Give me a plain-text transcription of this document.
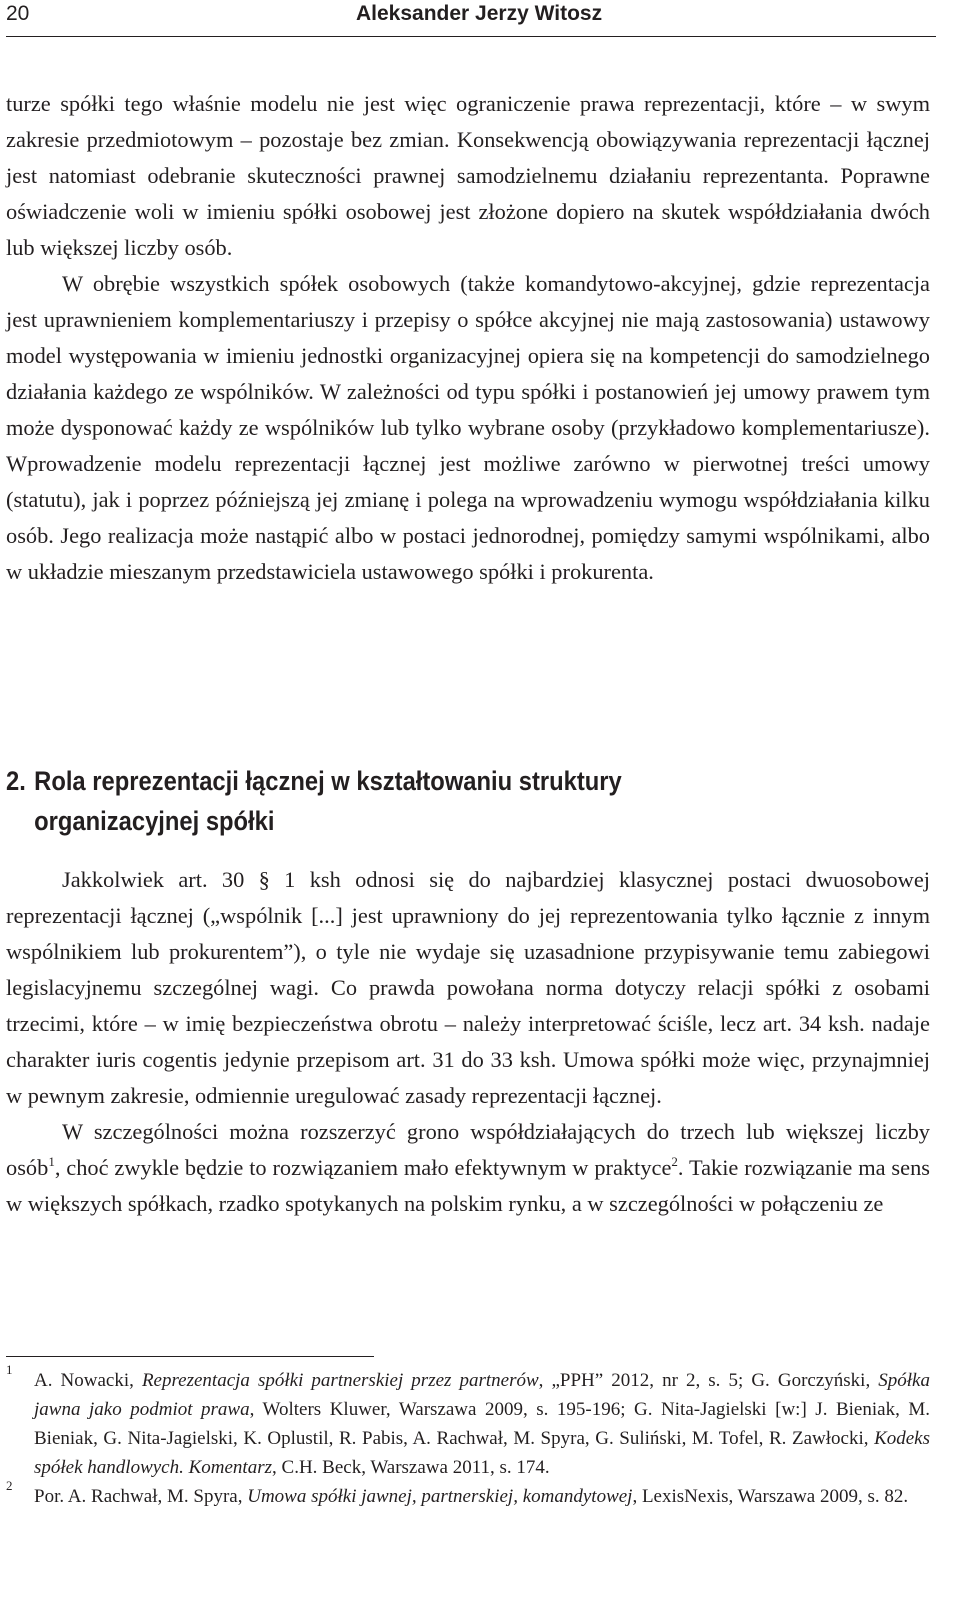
20	Aleksander Jerzy Witosz

turze spółki tego właśnie modelu nie jest więc ograniczenie prawa reprezentacji, które – w swym zakresie przedmiotowym – pozostaje bez zmian. Konsekwencją obowiązywania reprezentacji łącznej jest natomiast odebranie skuteczności prawnej samodzielnemu działaniu reprezentanta. Poprawne oświadczenie woli w imieniu spółki osobowej jest złożone dopiero na skutek współdziałania dwóch lub większej liczby osób.

W obrębie wszystkich spółek osobowych (także komandytowo-akcyjnej, gdzie reprezentacja jest uprawnieniem komplementariuszy i przepisy o spółce akcyjnej nie mają zastosowania) ustawowy model występowania w imieniu jednostki organizacyjnej opiera się na kompetencji do samodzielnego działania każdego ze wspólników. W zależności od typu spółki i postanowień jej umowy prawem tym może dysponować każdy ze wspólników lub tylko wybrane osoby (przykładowo komplementariusze). Wprowadzenie modelu reprezentacji łącznej jest możliwe zarówno w pierwotnej treści umowy (statutu), jak i poprzez późniejszą jej zmianę i polega na wprowadzeniu wymogu współdziałania kilku osób. Jego realizacja może nastąpić albo w postaci jednorodnej, pomiędzy samymi wspólnikami, albo w układzie mieszanym przedstawiciela ustawowego spółki i prokurenta.

2. Rola reprezentacji łącznej w kształtowaniu struktury
organizacyjnej spółki

Jakkolwiek art. 30 § 1 ksh odnosi się do najbardziej klasycznej postaci dwuosobowej reprezentacji łącznej („wspólnik [...] jest uprawniony do jej reprezentowania tylko łącznie z innym wspólnikiem lub prokurentem”), o tyle nie wydaje się uzasadnione przypisywanie temu zabiegowi legislacyjnemu szczególnej wagi. Co prawda powołana norma dotyczy relacji spółki z osobami trzecimi, które – w imię bezpieczeństwa obrotu – należy interpretować ściśle, lecz art. 34 ksh. nadaje charakter iuris cogentis jedynie przepisom art. 31 do 33 ksh. Umowa spółki może więc, przynajmniej w pewnym zakresie, odmiennie uregulować zasady reprezentacji łącznej.

W szczególności można rozszerzyć grono współdziałających do trzech lub większej liczby osób$^1$, choć zwykle będzie to rozwiązaniem mało efektywnym w praktyce$^2$. Takie rozwiązanie ma sens w większych spółkach, rzadko spotykanych na polskim rynku, a w szczególności w połączeniu ze

1
A. Nowacki, Reprezentacja spółki partnerskiej przez partnerów, „PPH” 2012, nr 2, s. 5; G. Gorczyński, Spółka jawna jako podmiot prawa, Wolters Kluwer, Warszawa 2009, s. 195-196; G. Nita-Jagielski [w:] J. Bieniak, M. Bieniak, G. Nita-Jagielski, K. Oplustil, R. Pabis, A. Rachwał, M. Spyra, G. Suliński, M. Tofel, R. Zawłocki, Kodeks spółek handlowych. Komentarz, C.H. Beck, Warszawa 2011, s. 174.
2
Por. A. Rachwał, M. Spyra, Umowa spółki jawnej, partnerskiej, komandytowej, LexisNexis, Warszawa 2009, s. 82.
